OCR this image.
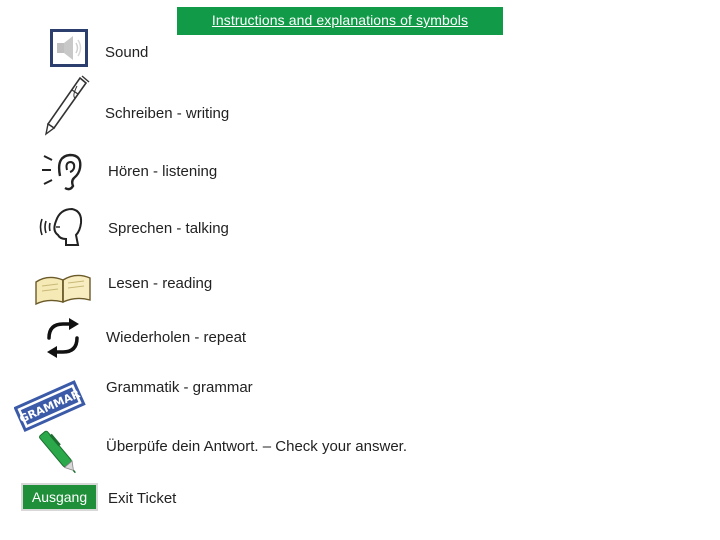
Instructions and explanations of symbols
Sound
Schreiben - writing
Hören - listening
Sprechen - talking
Lesen - reading
Wiederholen - repeat
GRAMMAR Grammatik - grammar
Überpüfe dein Antwort. – Check your answer.
Ausgang	Exit Ticket
